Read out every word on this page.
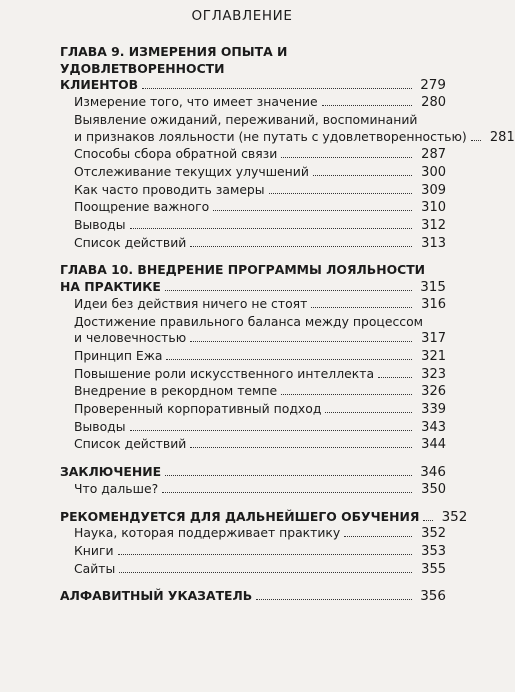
ОГЛАВЛЕНИЕ
ГЛАВА 9. ИЗМЕРЕНИЯ ОПЫТА И УДОВЛЕТВОРЕННОСТИ
КЛИЕНТОВ	279
Измерение того, что имеет значение	280
Выявление ожиданий, переживаний, воспоминаний
и признаков лояльности (не путать с удовлетворенностью)	281
Способы сбора обратной связи	287
Отслеживание текущих улучшений	300
Как часто проводить замеры	309
Поощрение важного	310
Выводы	312
Список действий	313
ГЛАВА 10. ВНЕДРЕНИЕ ПРОГРАММЫ ЛОЯЛЬНОСТИ
НА ПРАКТИКЕ	315
Идеи без действия ничего не стоят	316
Достижение правильного баланса между процессом
и человечностью	317
Принцип Ежа	321
Повышение роли искусственного интеллекта	323
Внедрение в рекордном темпе	326
Проверенный корпоративный подход	339
Выводы	343
Список действий	344
ЗАКЛЮЧЕНИЕ	346
Что дальше?	350
РЕКОМЕНДУЕТСЯ ДЛЯ ДАЛЬНЕЙШЕГО ОБУЧЕНИЯ	352
Наука, которая поддерживает практику	352
Книги	353
Сайты	355
АЛФАВИТНЫЙ УКАЗАТЕЛЬ	356
